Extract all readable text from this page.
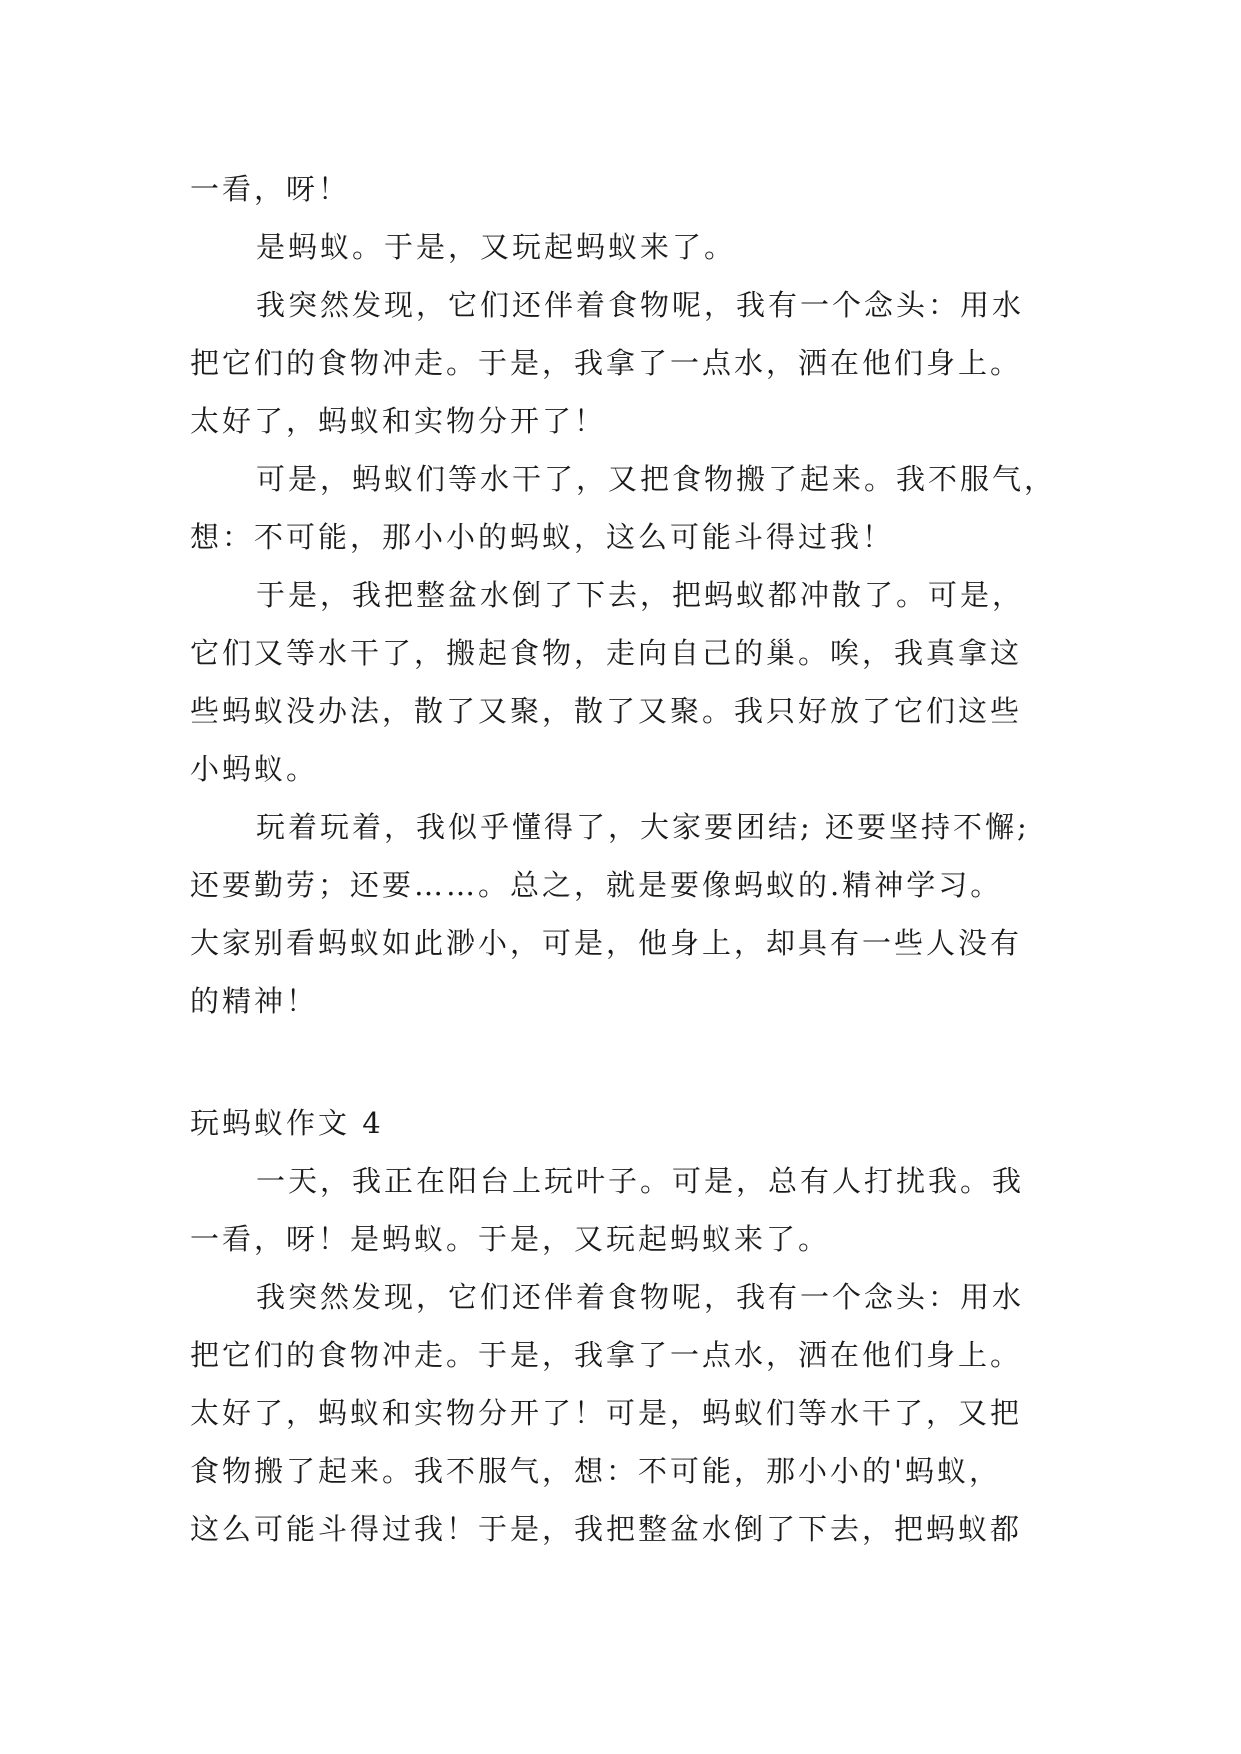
一看，呀！

是蚂蚁。于是，又玩起蚂蚁来了。

我突然发现，它们还伴着食物呢，我有一个念头：用水

把它们的食物冲走。于是，我拿了一点水，洒在他们身上。

太好了，蚂蚁和实物分开了！

可是，蚂蚁们等水干了，又把食物搬了起来。我不服气，

想：不可能，那小小的蚂蚁，这么可能斗得过我！

于是，我把整盆水倒了下去，把蚂蚁都冲散了。可是，

它们又等水干了，搬起食物，走向自己的巢。唉，我真拿这

些蚂蚁没办法，散了又聚，散了又聚。我只好放了它们这些

小蚂蚁。

玩着玩着，我似乎懂得了，大家要团结; 还要坚持不懈;

还要勤劳；还要……。总之，就是要像蚂蚁的.精神学习。

大家别看蚂蚁如此渺小，可是，他身上，却具有一些人没有

的精神！

玩蚂蚁作文 4

一天，我正在阳台上玩叶子。可是，总有人打扰我。我

一看，呀！是蚂蚁。于是，又玩起蚂蚁来了。

我突然发现，它们还伴着食物呢，我有一个念头：用水

把它们的食物冲走。于是，我拿了一点水，洒在他们身上。

太好了，蚂蚁和实物分开了！可是，蚂蚁们等水干了，又把

食物搬了起来。我不服气，想：不可能，那小小的'蚂蚁，

这么可能斗得过我！于是，我把整盆水倒了下去，把蚂蚁都
